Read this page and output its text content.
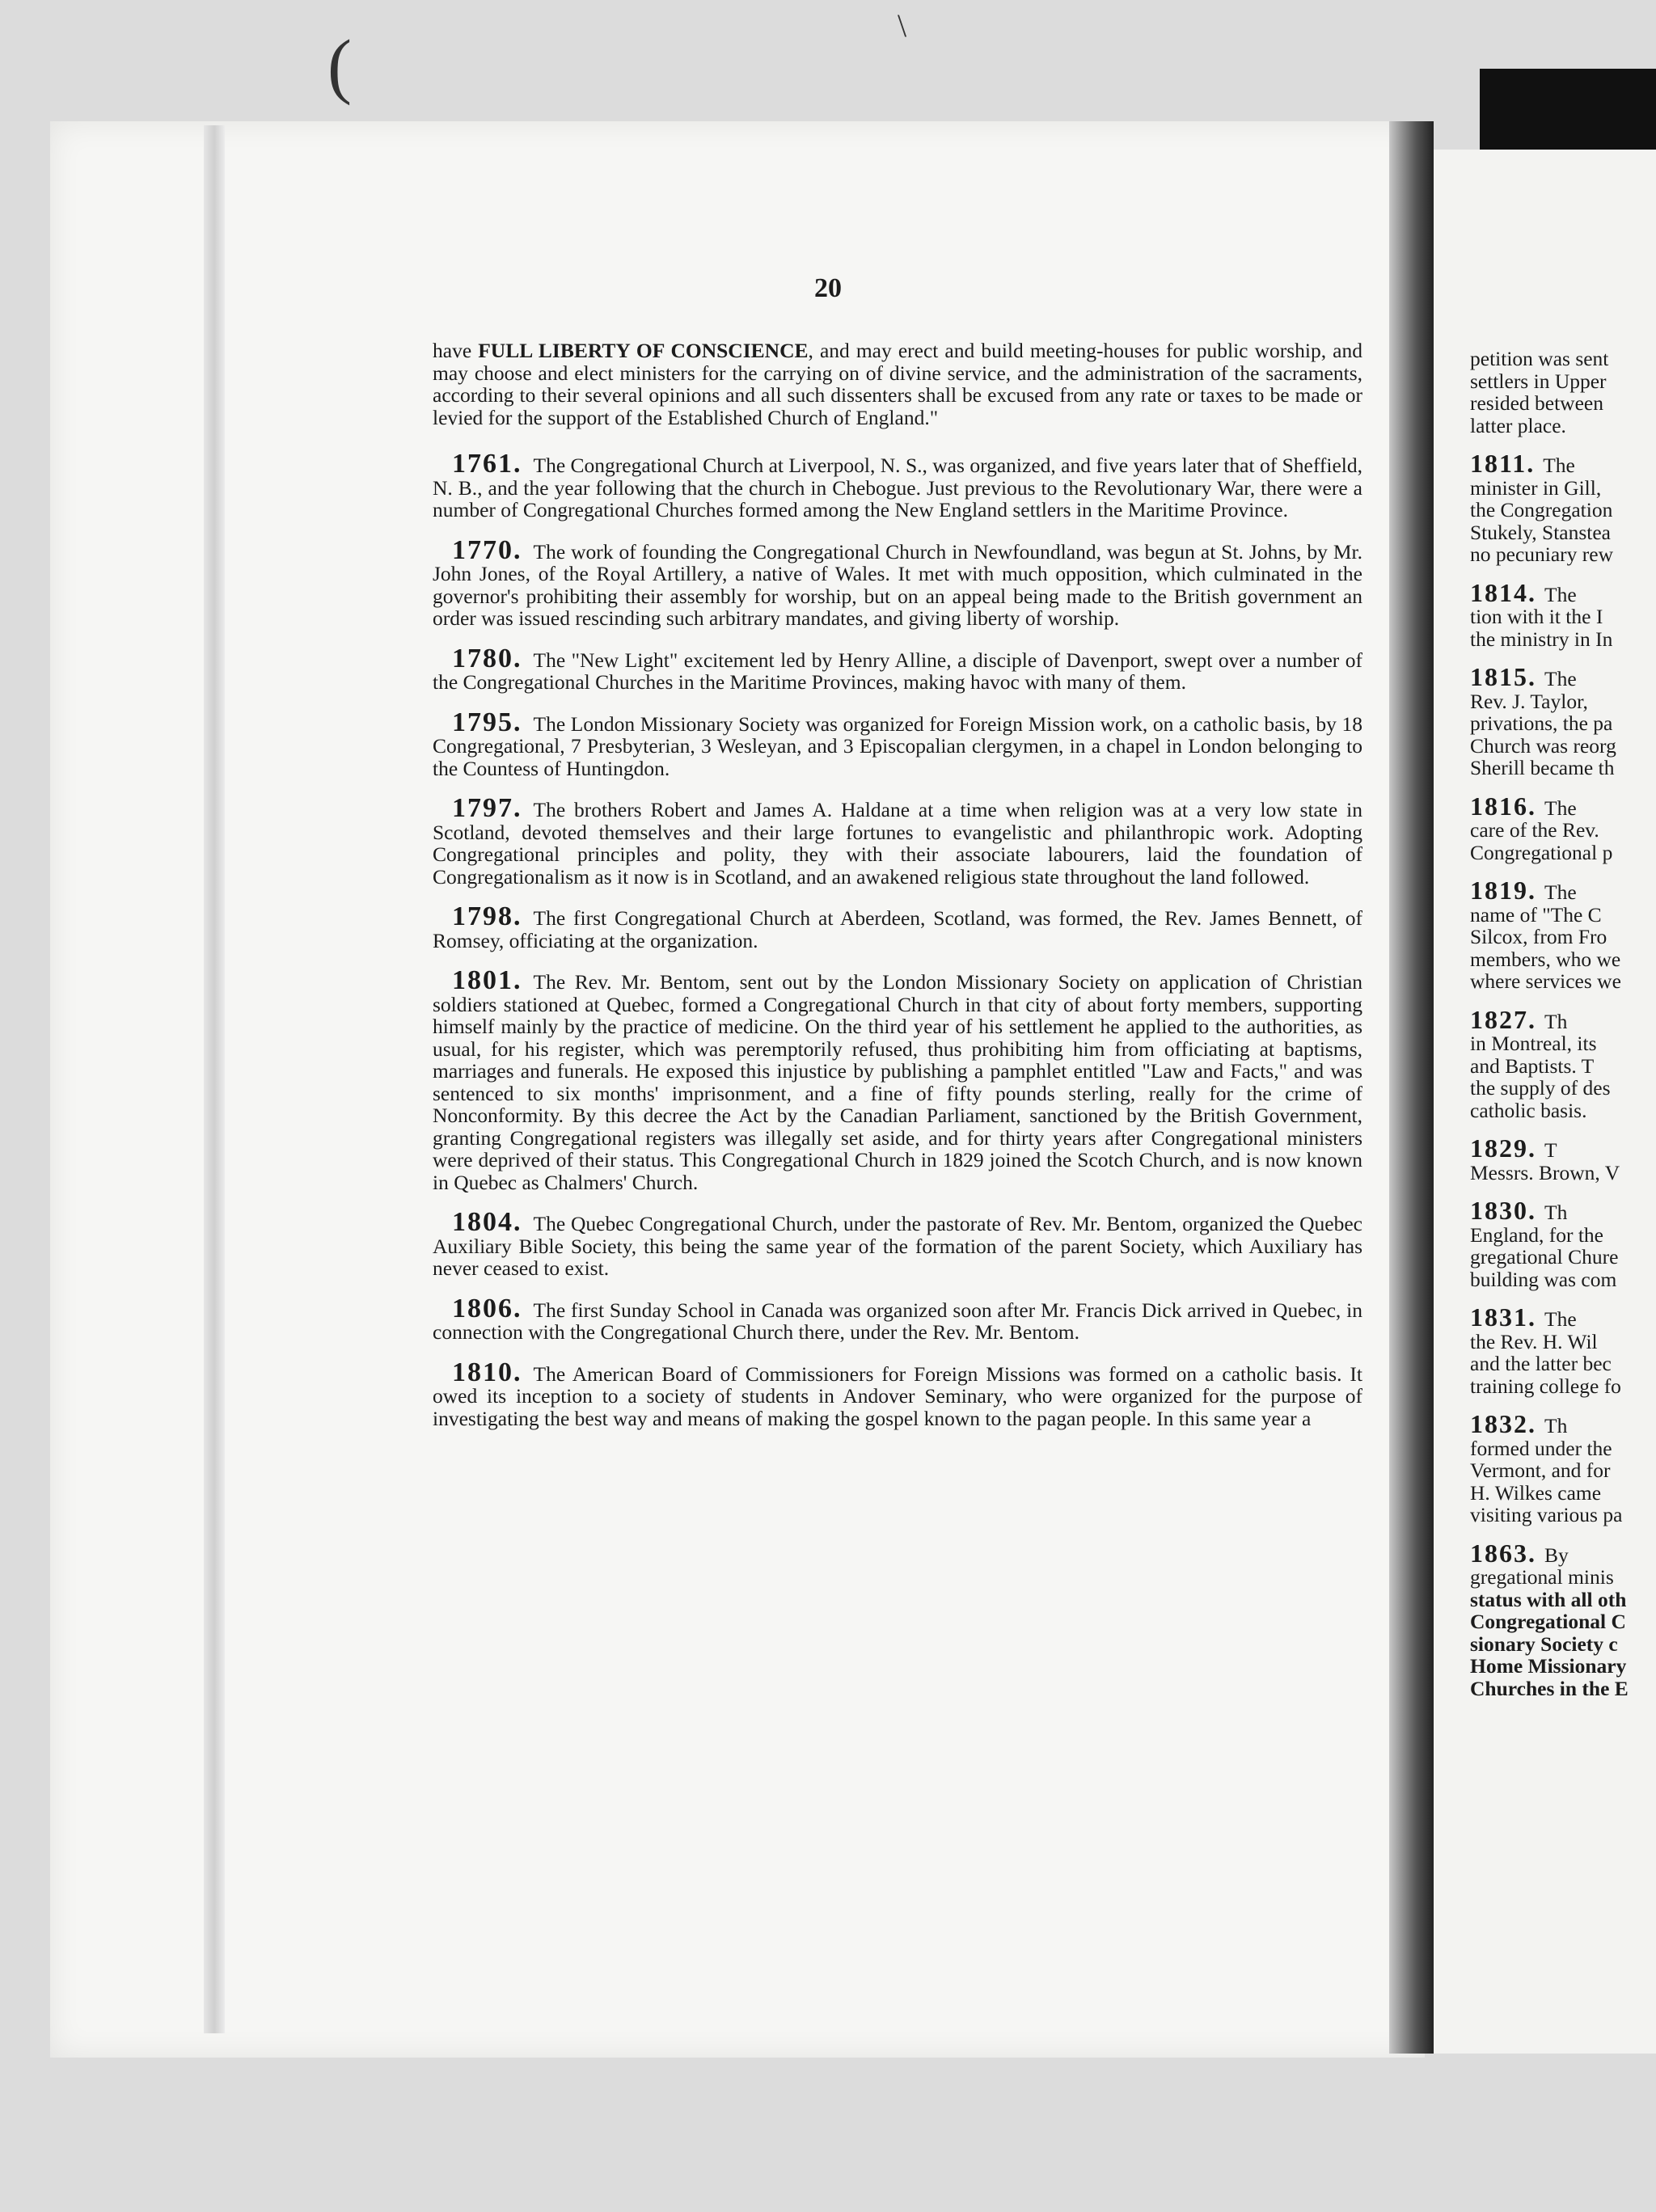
(
\
20

have FULL LIBERTY OF CONSCIENCE, and may erect and build meeting-houses for public worship, and may choose and elect ministers for the carrying on of divine service, and the administration of the sacraments, according to their several opinions and all such dissenters shall be excused from any rate or taxes to be made or levied for the support of the Established Church of England."

1761. The Congregational Church at Liverpool, N. S., was organized, and five years later that of Sheffield, N. B., and the year following that the church in Chebogue. Just previous to the Revolutionary War, there were a number of Congregational Churches formed among the New England settlers in the Maritime Province.

1770. The work of founding the Congregational Church in Newfoundland, was begun at St. Johns, by Mr. John Jones, of the Royal Artillery, a native of Wales. It met with much opposition, which culminated in the governor's prohibiting their assembly for worship, but on an appeal being made to the British government an order was issued rescinding such arbitrary mandates, and giving liberty of worship.

1780. The "New Light" excitement led by Henry Alline, a disciple of Davenport, swept over a number of the Congregational Churches in the Maritime Provinces, making havoc with many of them.

1795. The London Missionary Society was organized for Foreign Mission work, on a catholic basis, by 18 Congregational, 7 Presbyterian, 3 Wesleyan, and 3 Episcopalian clergymen, in a chapel in London belonging to the Countess of Huntingdon.

1797. The brothers Robert and James A. Haldane at a time when religion was at a very low state in Scotland, devoted themselves and their large fortunes to evangelistic and philanthropic work. Adopting Congregational principles and polity, they with their associate labourers, laid the foundation of Congregationalism as it now is in Scotland, and an awakened religious state throughout the land followed.

1798. The first Congregational Church at Aberdeen, Scotland, was formed, the Rev. James Bennett, of Romsey, officiating at the organization.

1801. The Rev. Mr. Bentom, sent out by the London Missionary Society on application of Christian soldiers stationed at Quebec, formed a Congregational Church in that city of about forty members, supporting himself mainly by the practice of medicine. On the third year of his settlement he applied to the authorities, as usual, for his register, which was peremptorily refused, thus prohibiting him from officiating at baptisms, marriages and funerals. He exposed this injustice by publishing a pamphlet entitled "Law and Facts," and was sentenced to six months' imprisonment, and a fine of fifty pounds sterling, really for the crime of Nonconformity. By this decree the Act by the Canadian Parliament, sanctioned by the British Government, granting Congregational registers was illegally set aside, and for thirty years after Congregational ministers were deprived of their status. This Congregational Church in 1829 joined the Scotch Church, and is now known in Quebec as Chalmers' Church.

1804. The Quebec Congregational Church, under the pastorate of Rev. Mr. Bentom, organized the Quebec Auxiliary Bible Society, this being the same year of the formation of the parent Society, which Auxiliary has never ceased to exist.

1806. The first Sunday School in Canada was organized soon after Mr. Francis Dick arrived in Quebec, in connection with the Congregational Church there, under the Rev. Mr. Bentom.

1810. The American Board of Commissioners for Foreign Missions was formed on a catholic basis. It owed its inception to a society of students in Andover Seminary, who were organized for the purpose of investigating the best way and means of making the gospel known to the pagan people. In this same year a

petition was sent
settlers in Upper
resided between
latter place.
1811. The
minister in Gill,
the Congregation
Stukely, Stanstea
no pecuniary rew
1814. The
tion with it the I
the ministry in In
1815. The
Rev. J. Taylor,
privations, the pa
Church was reorg
Sherill became th
1816. The
care of the Rev.
Congregational p
1819. The
name of "The C
Silcox, from Fro
members, who we
where services we
1827. Th
in Montreal, its
and Baptists. T
the supply of des
catholic basis.
1829. T
Messrs. Brown, V
1830. Th
England, for the
gregational Chure
building was com
1831. The
the Rev. H. Wil
and the latter bec
training college fo
1832. Th
formed under the
Vermont, and for
H. Wilkes came
visiting various pa
1863. By
gregational minis
status with all oth
Congregational C
sionary Society c
Home Missionary
Churches in the E
